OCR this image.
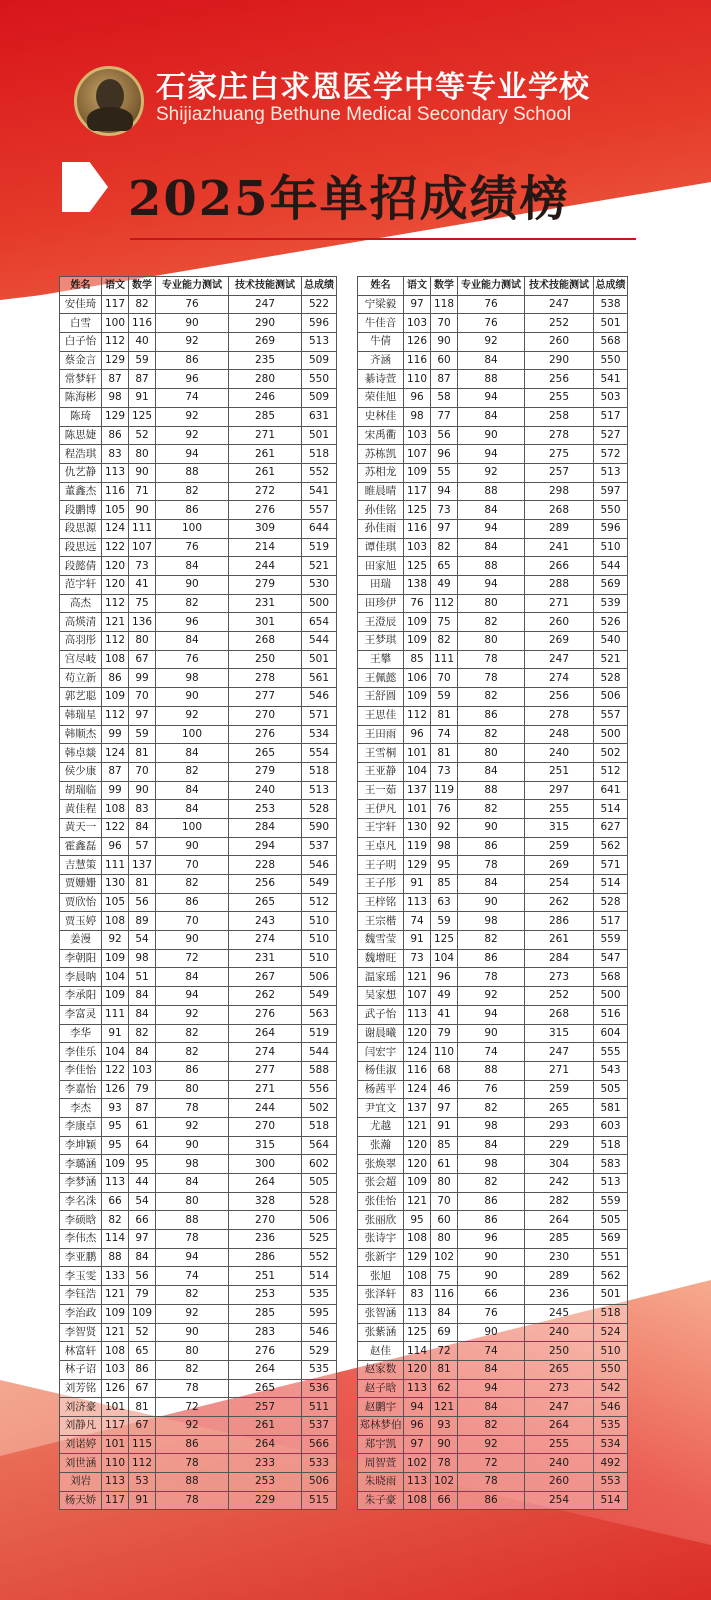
石家庄白求恩医学中等专业学校
Shijiazhuang Bethune Medical Secondary School
2025年单招成绩榜
姓名	语文	数学	专业能力测试	技术技能测试	总成绩
安佳琦	117	82	76	247	522
白雪	100	116	90	290	596
白子怡	112	40	92	269	513
蔡金言	129	59	86	235	509
常梦轩	87	87	96	280	550
陈海彬	98	91	74	246	509
陈琦	129	125	92	285	631
陈思婕	86	52	92	271	501
程浩琪	83	80	94	261	518
仇艺静	113	90	88	261	552
董鑫杰	116	71	82	272	541
段鹏博	105	90	86	276	557
段思源	124	111	100	309	644
段思远	122	107	76	214	519
段懿倩	120	73	84	244	521
范宇轩	120	41	90	279	530
高杰	112	75	82	231	500
高煐清	121	136	96	301	654
高羽彤	112	80	84	268	544
宫尽岐	108	67	76	250	501
苟立新	86	99	98	278	561
郭艺聪	109	70	90	277	546
韩瑞星	112	97	92	270	571
韩顺杰	99	59	100	276	534
韩卓燚	124	81	84	265	554
侯少康	87	70	82	279	518
胡瑞临	99	90	84	240	513
黄佳程	108	83	84	253	528
黄天一	122	84	100	284	590
霍鑫磊	96	57	90	294	537
吉慧策	111	137	70	228	546
贾姗姗	130	81	82	256	549
贾欣怡	105	56	86	265	512
贾玉婷	108	89	70	243	510
姜漫	92	54	90	274	510
李朝阳	109	98	72	231	510
李晨呐	104	51	84	267	506
李承阳	109	84	94	262	549
李富灵	111	84	92	276	563
李华	91	82	82	264	519
李佳乐	104	84	82	274	544
李佳怡	122	103	86	277	588
李嘉怡	126	79	80	271	556
李杰	93	87	78	244	502
李康卓	95	61	92	270	518
李坤颖	95	64	90	315	564
李璐涵	109	95	98	300	602
李梦涵	113	44	84	264	505
李名洙	66	54	80	328	528
李硕晗	82	66	88	270	506
李伟杰	114	97	78	236	525
李亚鹏	88	84	94	286	552
李玉雯	133	56	74	251	514
李钰浩	121	79	82	253	535
李治政	109	109	92	285	595
李智贤	121	52	90	283	546
林富轩	108	65	80	276	529
林子诏	103	86	82	264	535
刘芳铭	126	67	78	265	536
刘济豪	101	81	72	257	511
刘静凡	117	67	92	261	537
刘诺婷	101	115	86	264	566
刘世涵	110	112	78	233	533
刘岩	113	53	88	253	506
杨天娇	117	91	78	229	515
姓名	语文	数学	专业能力测试	技术技能测试	总成绩
宁梁毅	97	118	76	247	538
牛佳音	103	70	76	252	501
牛倩	126	90	92	260	568
齐涵	116	60	84	290	550
綦诗萱	110	87	88	256	541
荣佳旭	96	58	94	255	503
史林佳	98	77	84	258	517
宋禹衢	103	56	90	278	527
苏栋凯	107	96	94	275	572
苏相龙	109	55	92	257	513
睢晨晴	117	94	88	298	597
孙佳铭	125	73	84	268	550
孙佳雨	116	97	94	289	596
谭佳琪	103	82	84	241	510
田家旭	125	65	88	266	544
田瑞	138	49	94	288	569
田珍伊	76	112	80	271	539
王澄辰	109	75	82	260	526
王梦琪	109	82	80	269	540
王攀	85	111	78	247	521
王佩懿	106	70	78	274	528
王舒圆	109	59	82	256	506
王思佳	112	81	86	278	557
王田雨	96	74	82	248	500
王雪桐	101	81	80	240	502
王亚静	104	73	84	251	512
王一茹	137	119	88	297	641
王伊凡	101	76	82	255	514
王宇轩	130	92	90	315	627
王卓凡	119	98	86	259	562
王子明	129	95	78	269	571
王子彤	91	85	84	254	514
王梓铭	113	63	90	262	528
王宗楷	74	59	98	286	517
魏雪莹	91	125	82	261	559
魏增旺	73	104	86	284	547
温家瑶	121	96	78	273	568
吴家想	107	49	92	252	500
武子怡	113	41	94	268	516
谢晨曦	120	79	90	315	604
闫宏宇	124	110	74	247	555
杨佳淑	116	68	88	271	543
杨茜平	124	46	76	259	505
尹宜文	137	97	82	265	581
尤越	121	91	98	293	603
张瀚	120	85	84	229	518
张焕翠	120	61	98	304	583
张会超	109	80	82	242	513
张佳怡	121	70	86	282	559
张丽欣	95	60	86	264	505
张诗宇	108	80	96	285	569
张新宇	129	102	90	230	551
张旭	108	75	90	289	562
张泽轩	83	116	66	236	501
张智涵	113	84	76	245	518
张紫涵	125	69	90	240	524
赵佳	114	72	74	250	510
赵家数	120	81	84	265	550
赵子晗	113	62	94	273	542
赵鹏宇	94	121	84	247	546
郑林梦伯	96	93	82	264	535
郑宇凯	97	90	92	255	534
周智萱	102	78	72	240	492
朱晓雨	113	102	78	260	553
朱子豪	108	66	86	254	514
